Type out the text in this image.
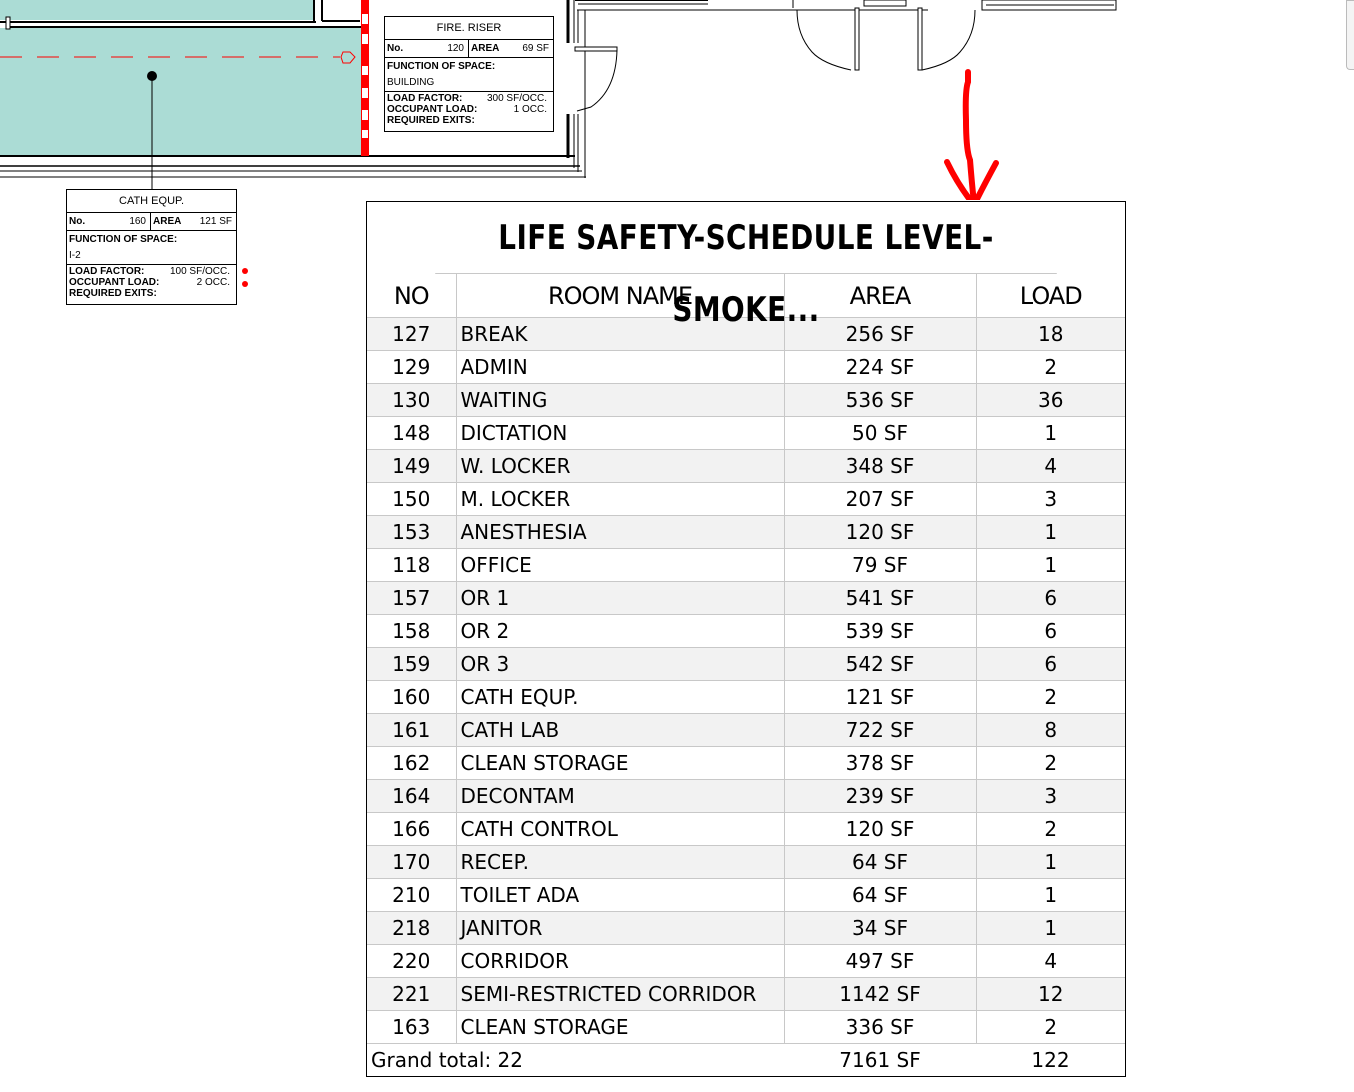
FIRE. RISER
No.	120 AREA 69 SF
FUNCTION OF SPACE:
BUILDING
LOAD FACTOR: 300 SF/OCC.
OCCUPANT LOAD:	1 OCC.
REQUIRED EXITS:
CATH EQUP.
No.	160 AREA 121 SF
FUNCTION OF SPACE:
I-2
LOAD FACTOR:	100 SF/OCC.
OCCUPANT LOAD:	2 OCC.
REQUIRED EXITS:
LIFE SAFETY-SCHEDULE LEVEL-SMOKE...
NO	ROOM NAME	AREA	LOAD
127	BREAK	256 SF	18
129	ADMIN	224 SF	2
130	WAITING	536 SF	36
148	DICTATION	50 SF	1
149	W. LOCKER	348 SF	4
150	M. LOCKER	207 SF	3
153	ANESTHESIA	120 SF	1
118	OFFICE	79 SF	1
157	OR 1	541 SF	6
158	OR 2	539 SF	6
159	OR 3	542 SF	6
160	CATH EQUP.	121 SF	2
161	CATH LAB	722 SF	8
162	CLEAN STORAGE	378 SF	2
164	DECONTAM	239 SF	3
166	CATH CONTROL	120 SF	2
170	RECEP.	64 SF	1
210	TOILET ADA	64 SF	1
218	JANITOR	34 SF	1
220	CORRIDOR	497 SF	4
221	SEMI-RESTRICTED CORRIDOR	1142 SF	12
163	CLEAN STORAGE	336 SF	2
Grand total: 22		7161 SF	122
